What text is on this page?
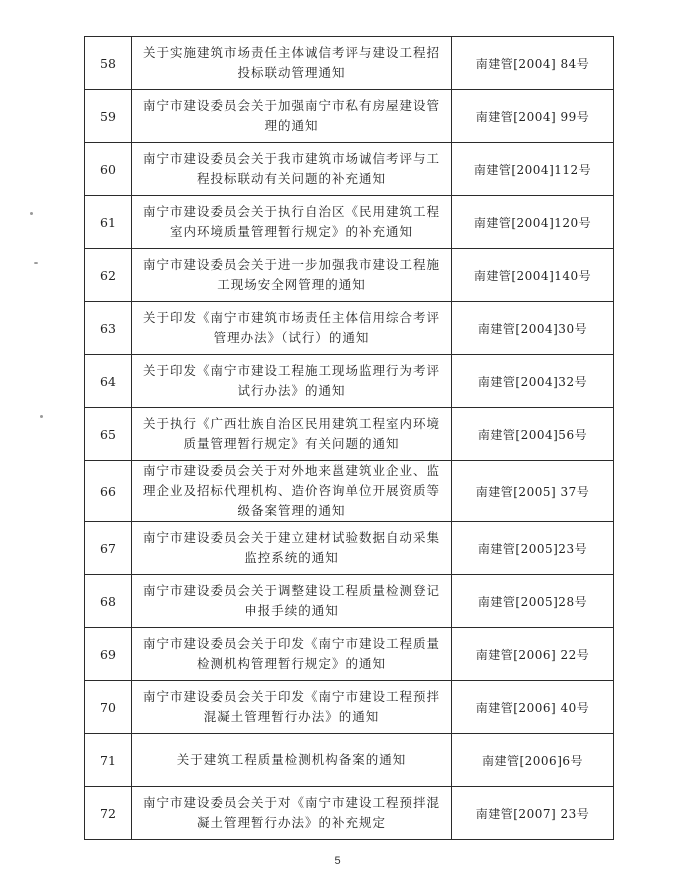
58	关于实施建筑市场责任主体诚信考评与建设工程招投标联动管理通知	南建管[2004] 84号
59	南宁市建设委员会关于加强南宁市私有房屋建设管理的通知	南建管[2004] 99号
60	南宁市建设委员会关于我市建筑市场诚信考评与工程投标联动有关问题的补充通知	南建管[2004]112号
61	南宁市建设委员会关于执行自治区《民用建筑工程室内环境质量管理暂行规定》的补充通知	南建管[2004]120号
62	南宁市建设委员会关于进一步加强我市建设工程施工现场安全网管理的通知	南建管[2004]140号
63	关于印发《南宁市建筑市场责任主体信用综合考评管理办法》（试行）的通知	南建管[2004]30号
64	关于印发《南宁市建设工程施工现场监理行为考评试行办法》的通知	南建管[2004]32号
65	关于执行《广西壮族自治区民用建筑工程室内环境质量管理暂行规定》有关问题的通知	南建管[2004]56号
66	南宁市建设委员会关于对外地来邕建筑业企业、监理企业及招标代理机构、造价咨询单位开展资质等级备案管理的通知	南建管[2005] 37号
67	南宁市建设委员会关于建立建材试验数据自动采集监控系统的通知	南建管[2005]23号
68	南宁市建设委员会关于调整建设工程质量检测登记申报手续的通知	南建管[2005]28号
69	南宁市建设委员会关于印发《南宁市建设工程质量检测机构管理暂行规定》的通知	南建管[2006] 22号
70	南宁市建设委员会关于印发《南宁市建设工程预拌混凝土管理暂行办法》的通知	南建管[2006] 40号
71	关于建筑工程质量检测机构备案的通知	南建管[2006]6号
72	南宁市建设委员会关于对《南宁市建设工程预拌混凝土管理暂行办法》的补充规定	南建管[2007] 23号
5
